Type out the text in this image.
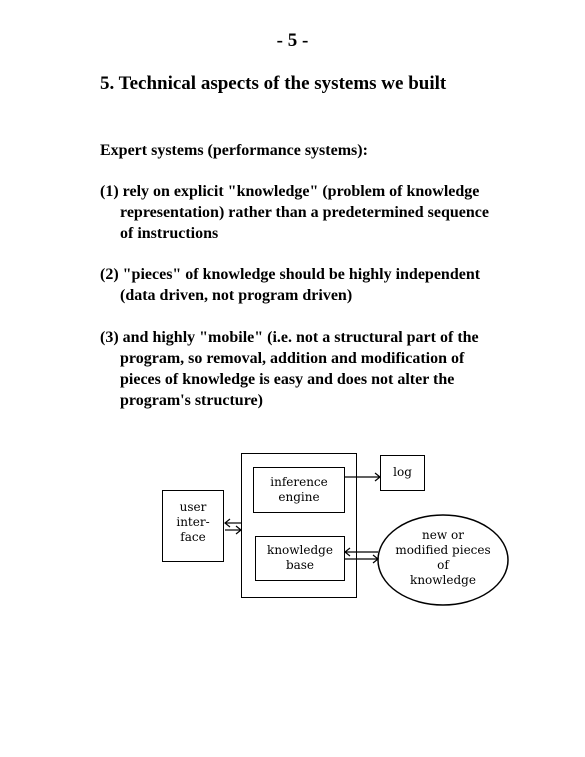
- 5 -
5. Technical aspects of the systems we built
Expert systems (performance systems):
(1) rely on explicit "knowledge" (problem of knowledge
representation) rather than a predetermined sequence
of instructions
(2) "pieces" of knowledge should be highly independent
(data driven, not program driven)
(3) and highly "mobile" (i.e. not a structural part of the
program, so removal, addition and modification of
pieces of knowledge is easy and does not alter the
program's structure)
inference
engine
knowledge
base
user
inter-
face
log
new or
modified pieces
of
knowledge
